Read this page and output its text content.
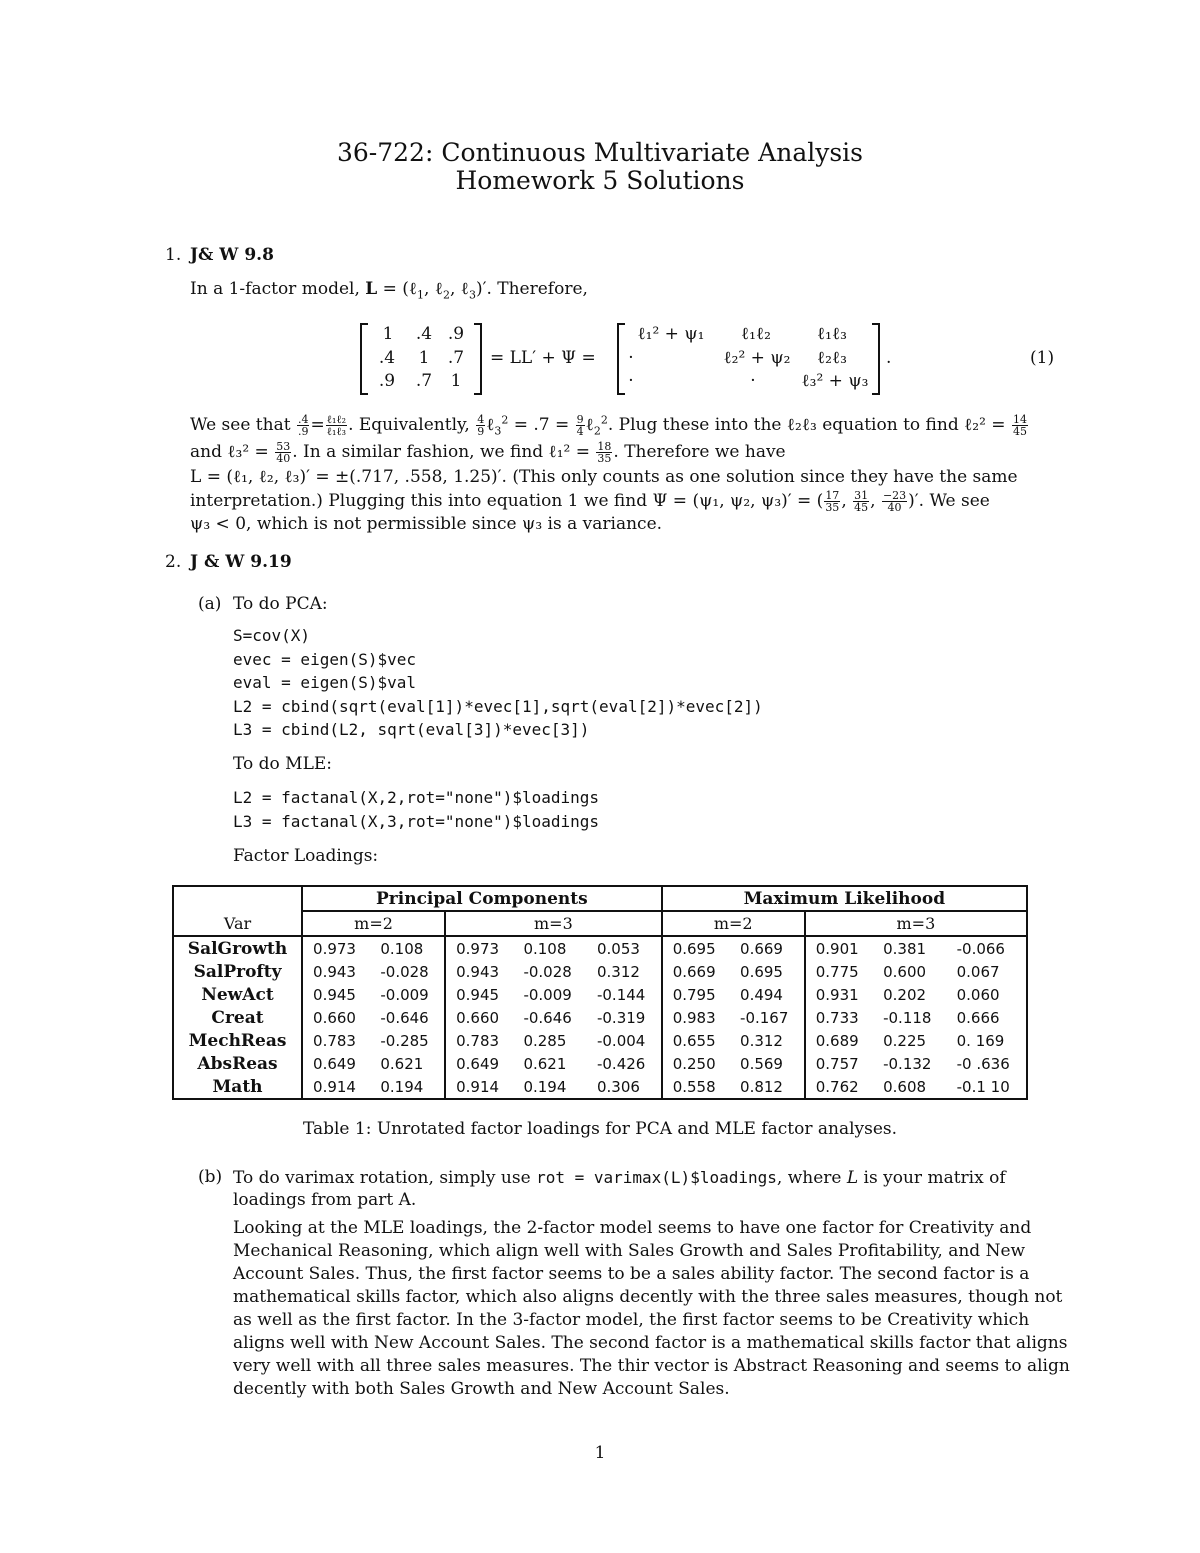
36-722: Continuous Multivariate Analysis
Homework 5 Solutions
1. J& W 9.8
In a 1-factor model, L = (ℓ$_1$, ℓ$_2$, ℓ$_3$)′. Therefore,
1 .4 .9
.4 1 .7
.9 .7 1
= LL′ + Ψ =
ℓ₁² + ψ₁	ℓ₁ℓ₂	ℓ₁ℓ₃
·	ℓ₂² + ψ₂	ℓ₂ℓ₃
·	·	ℓ₃² + ψ₃
.	(1)
We see that $\frac{.4}{.9} = \frac{\text{ℓ₁ℓ₂}}{\text{ℓ₁ℓ₃}}$ . Equivalently, $\frac{4}{9}$ ℓ$_3^2$ = $.7 = \frac{9}{4}$ ℓ$_2^2$. Plug these into the ℓ₂ℓ₃ equation to find ℓ₂² = $\frac{14}{45}$
and ℓ₃² = $\frac{53}{40}$ . In a similar fashion, we find ℓ₁² = $\frac{18}{35}$ . Therefore we have
L = (ℓ₁, ℓ₂, ℓ₃)′ = ±(.717, .558, 1.25)′. (This only counts as one solution since they have the same
interpretation.) Plugging this into equation 1 we find Ψ = (ψ₁, ψ₂, ψ₃)′ = ( $\frac{17}{35}$ , $\frac{31}{45}$ , $\frac{-23}{40}$ )′. We see
ψ₃ < 0, which is not permissible since ψ₃ is a variance.
2. J & W 9.19
(a) To do PCA:
S=cov(X)
evec = eigen(S)$vec
eval = eigen(S)$val
L2 = cbind(sqrt(eval[1])*evec[1],sqrt(eval[2])*evec[2])
L3 = cbind(L2, sqrt(eval[3])*evec[3])
To do MLE:
L2 = factanal(X,2,rot="none")$loadings
L3 = factanal(X,3,rot="none")$loadings
Factor Loadings:
	Principal Components					Maximum Likelihood				
Var	m=2		m=3			m=2		m=3		
SalGrowth	0.973	0.108	0.973	0.108	0.053	0.695	0.669	0.901	0.381	-0.066
SalProfty	0.943	-0.028	0.943	-0.028	0.312	0.669	0.695	0.775	0.600	0.067
NewAct	0.945	-0.009	0.945	-0.009	-0.144	0.795	0.494	0.931	0.202	0.060
Creat	0.660	-0.646	0.660	-0.646	-0.319	0.983	-0.167	0.733	-0.118	0.666
MechReas	0.783	-0.285	0.783	0.285	-0.004	0.655	0.312	0.689	0.225	0. 169
AbsReas	0.649	0.621	0.649	0.621	-0.426	0.250	0.569	0.757	-0.132	-0 .636
Math	0.914	0.194	0.914	0.194	0.306	0.558	0.812	0.762	0.608	-0.1 10
Table 1: Unrotated factor loadings for PCA and MLE factor analyses.
(b) To do varimax rotation, simply use rot = varimax(L)$loadings, where L is your matrix of
loadings from part A.
Looking at the MLE loadings, the 2-factor model seems to have one factor for Creativity and
Mechanical Reasoning, which align well with Sales Growth and Sales Profitability, and New
Account Sales. Thus, the first factor seems to be a sales ability factor. The second factor is a
mathematical skills factor, which also aligns decently with the three sales measures, though not
as well as the first factor. In the 3-factor model, the first factor seems to be Creativity which
aligns well with New Account Sales. The second factor is a mathematical skills factor that aligns
very well with all three sales measures. The thir vector is Abstract Reasoning and seems to align
decently with both Sales Growth and New Account Sales.
1
